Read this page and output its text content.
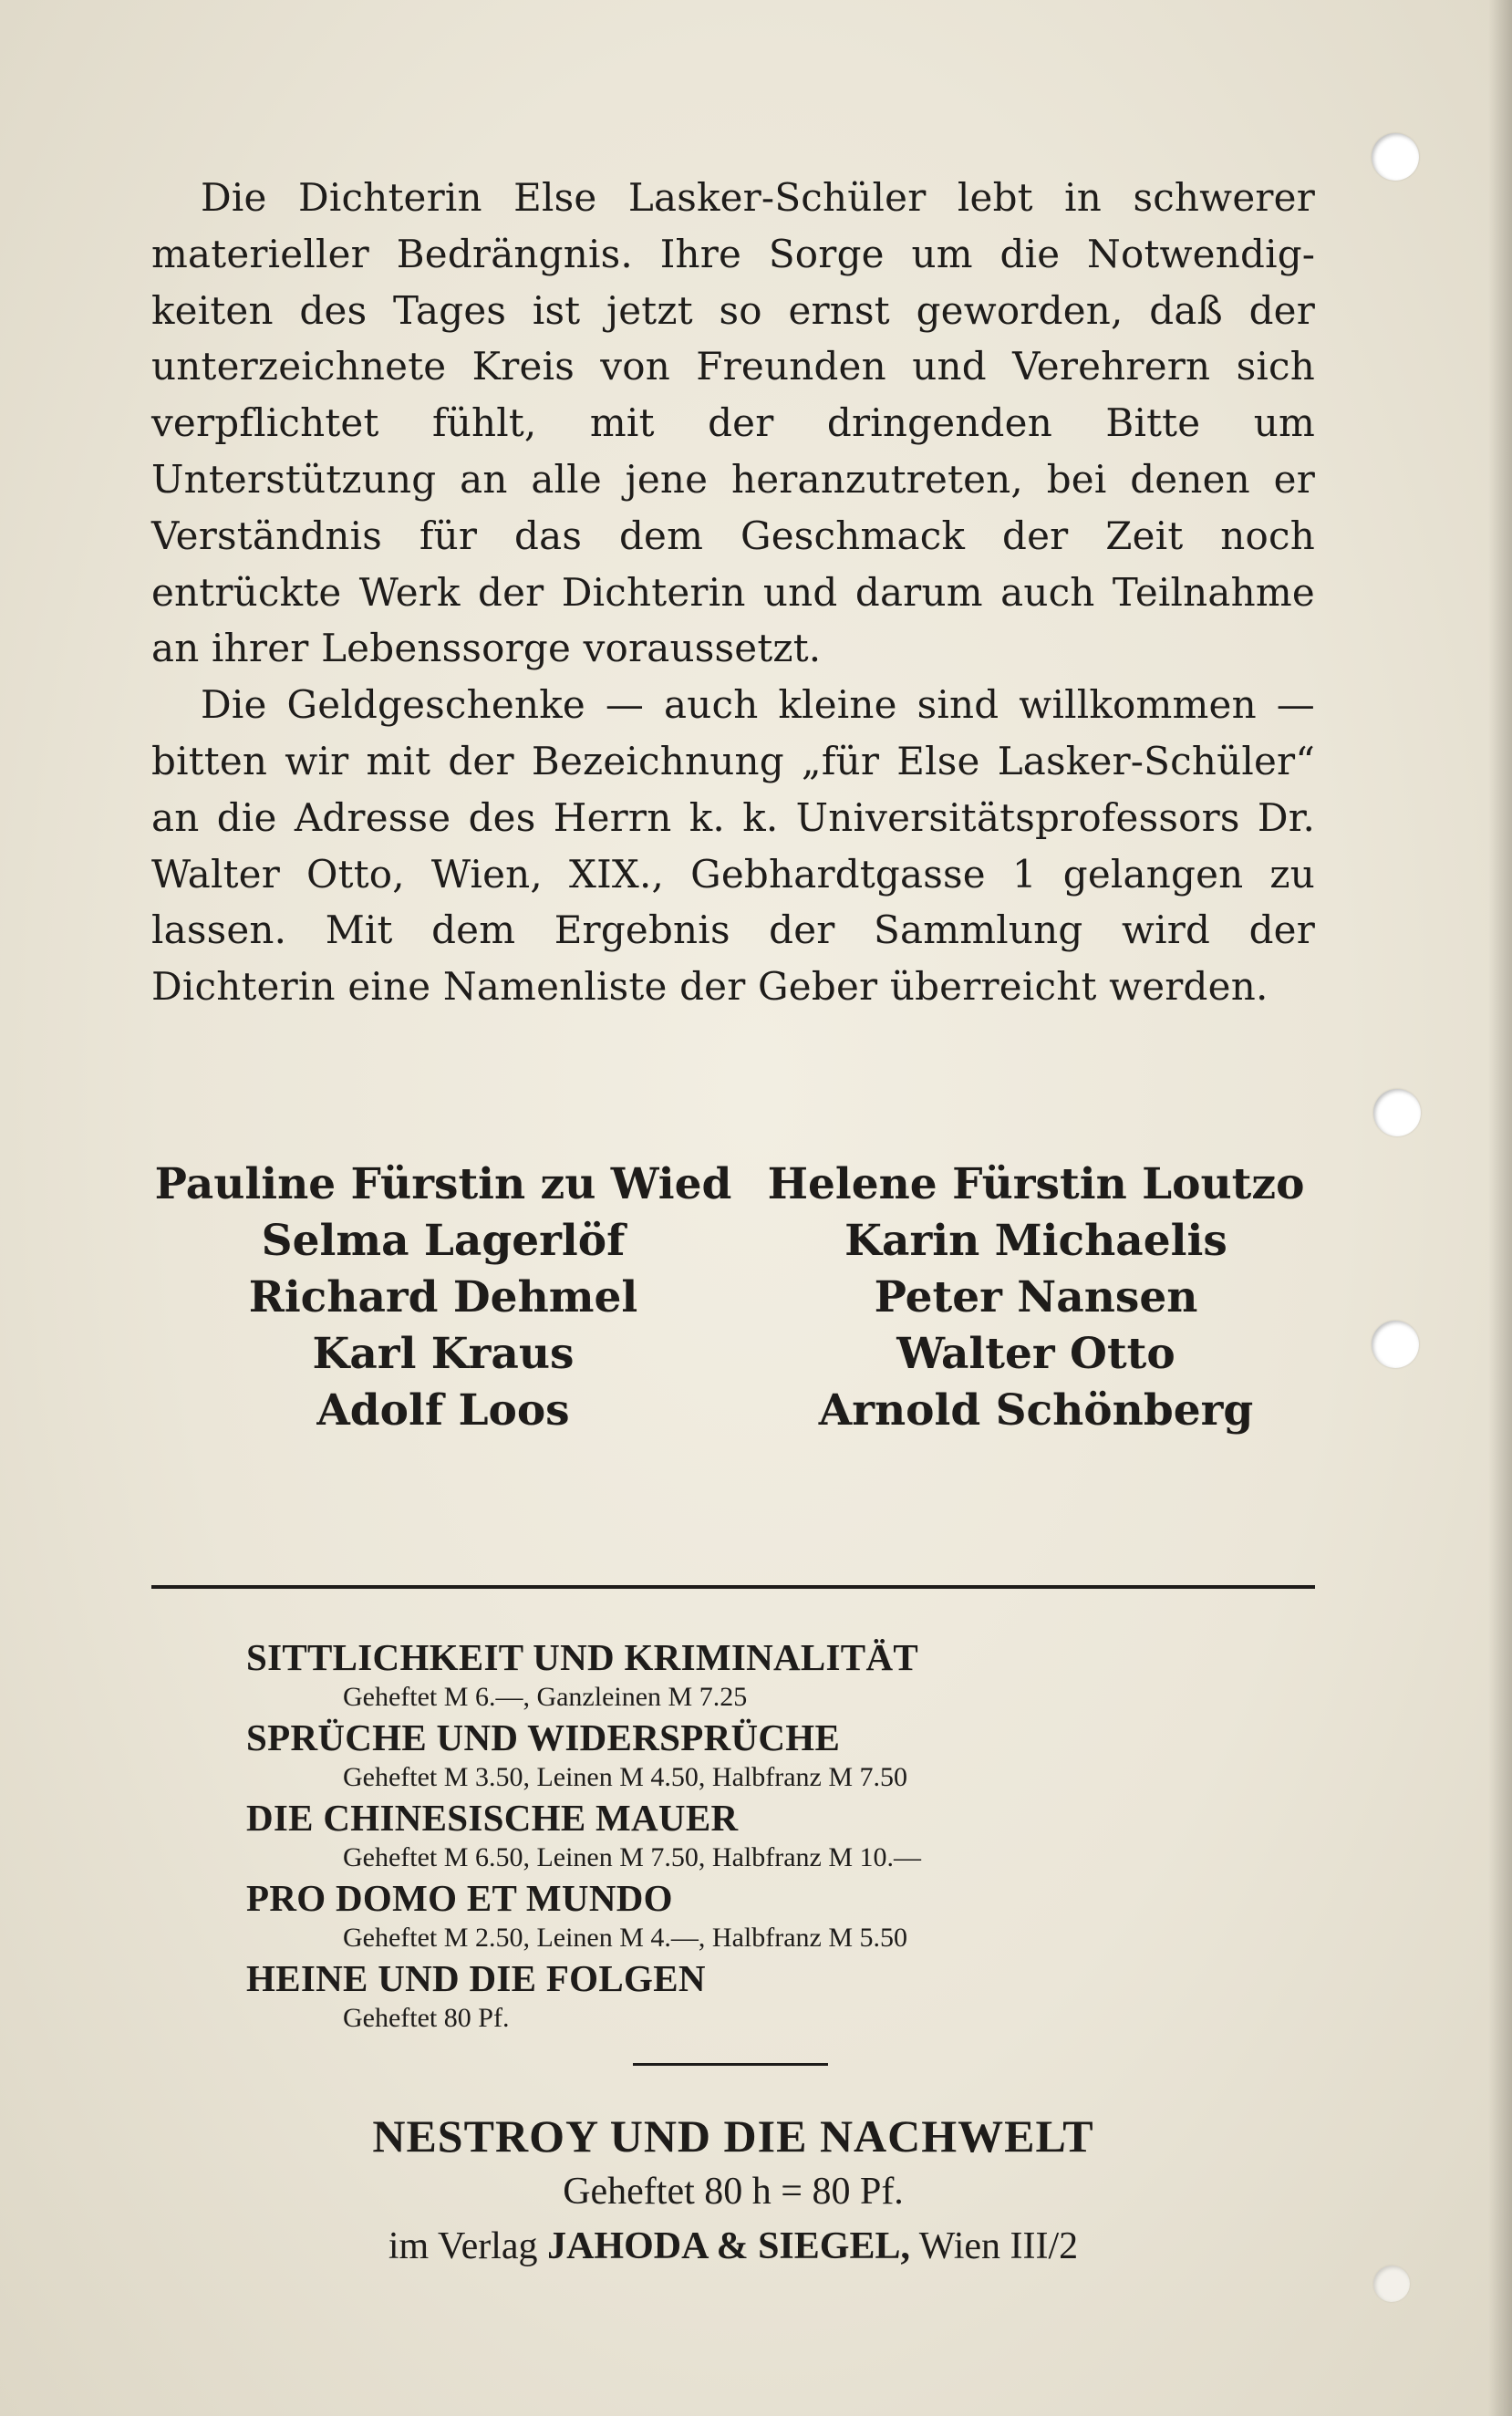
Die Dichterin Else Lasker-Schüler lebt in schwerer materieller Bedrängnis. Ihre Sorge um die Notwendigkeiten des Tages ist jetzt so ernst geworden, daß der unterzeichnete Kreis von Freunden und Verehrern sich verpflichtet fühlt, mit der dringenden Bitte um Unterstützung an alle jene heranzutreten, bei denen er Verständnis für das dem Geschmack der Zeit noch entrückte Werk der Dichterin und darum auch Teilnahme an ihrer Lebenssorge voraussetzt.

Die Geldgeschenke — auch kleine sind willkommen — bitten wir mit der Bezeichnung „für Else Lasker-Schüler“ an die Adresse des Herrn k. k. Universitätsprofessors Dr. Walter Otto, Wien, XIX., Gebhardtgasse 1 gelangen zu lassen. Mit dem Ergebnis der Sammlung wird der Dichterin eine Namenliste der Geber überreicht werden.

Pauline Fürstin zu Wied
Selma Lagerlöf
Richard Dehmel
Karl Kraus
Adolf Loos
Helene Fürstin Loutzo
Karin Michaelis
Peter Nansen
Walter Otto
Arnold Schönberg
SITTLICHKEIT UND KRIMINALITÄT
Geheftet M 6.—, Ganzleinen M 7.25
SPRÜCHE UND WIDERSPRÜCHE
Geheftet M 3.50, Leinen M 4.50, Halbfranz M 7.50
DIE CHINESISCHE MAUER
Geheftet M 6.50, Leinen M 7.50, Halbfranz M 10.—
PRO DOMO ET MUNDO
Geheftet M 2.50, Leinen M 4.—, Halbfranz M 5.50
HEINE UND DIE FOLGEN
Geheftet 80 Pf.
NESTROY UND DIE NACHWELT
Geheftet 80 h = 80 Pf.
im Verlag JAHODA & SIEGEL, Wien III/2
